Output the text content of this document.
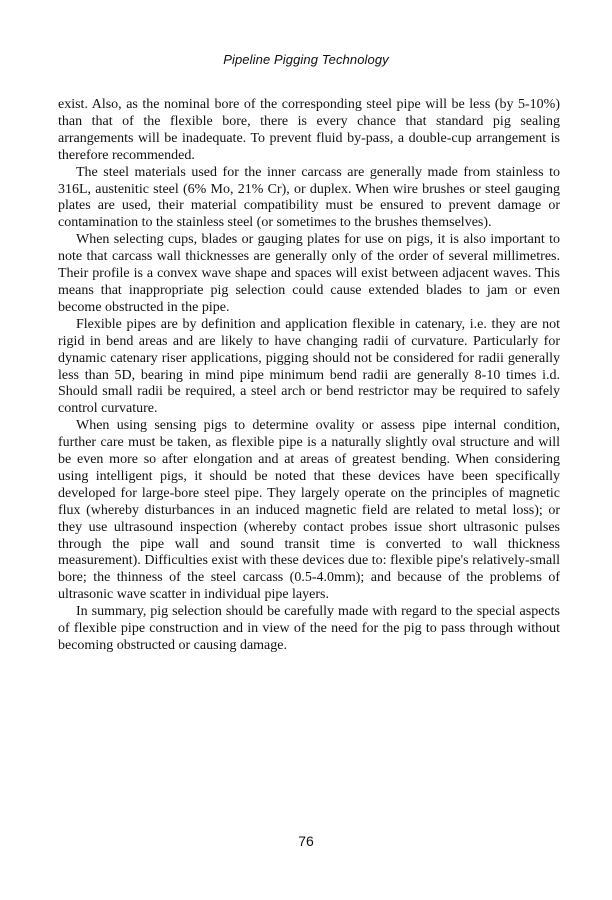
Pipeline Pigging Technology

exist. Also, as the nominal bore of the corresponding steel pipe will be less (by 5-10%) than that of the flexible bore, there is every chance that standard pig sealing arrangements will be inadequate. To prevent fluid by-pass, a double-cup arrangement is therefore recommended.

The steel materials used for the inner carcass are generally made from stainless to 316L, austenitic steel (6% Mo, 21% Cr), or duplex. When wire brushes or steel gauging plates are used, their material compatibility must be ensured to prevent damage or contamination to the stainless steel (or sometimes to the brushes themselves).

When selecting cups, blades or gauging plates for use on pigs, it is also important to note that carcass wall thicknesses are generally only of the order of several millimetres. Their profile is a convex wave shape and spaces will exist between adjacent waves. This means that inappropriate pig selection could cause extended blades to jam or even become obstructed in the pipe.

Flexible pipes are by definition and application flexible in catenary, i.e. they are not rigid in bend areas and are likely to have changing radii of curvature. Particularly for dynamic catenary riser applications, pigging should not be considered for radii generally less than 5D, bearing in mind pipe minimum bend radii are generally 8-10 times i.d. Should small radii be required, a steel arch or bend restrictor may be required to safely control curvature.

When using sensing pigs to determine ovality or assess pipe internal condition, further care must be taken, as flexible pipe is a naturally slightly oval structure and will be even more so after elongation and at areas of greatest bending. When considering using intelligent pigs, it should be noted that these devices have been specifically developed for large-bore steel pipe. They largely operate on the principles of magnetic flux (whereby disturbances in an induced magnetic field are related to metal loss); or they use ultrasound inspection (whereby contact probes issue short ultrasonic pulses through the pipe wall and sound transit time is converted to wall thickness measurement). Difficulties exist with these devices due to: flexible pipe's relatively-small bore; the thinness of the steel carcass (0.5-4.0mm); and because of the problems of ultrasonic wave scatter in individual pipe layers.

In summary, pig selection should be carefully made with regard to the special aspects of flexible pipe construction and in view of the need for the pig to pass through without becoming obstructed or causing damage.

76
